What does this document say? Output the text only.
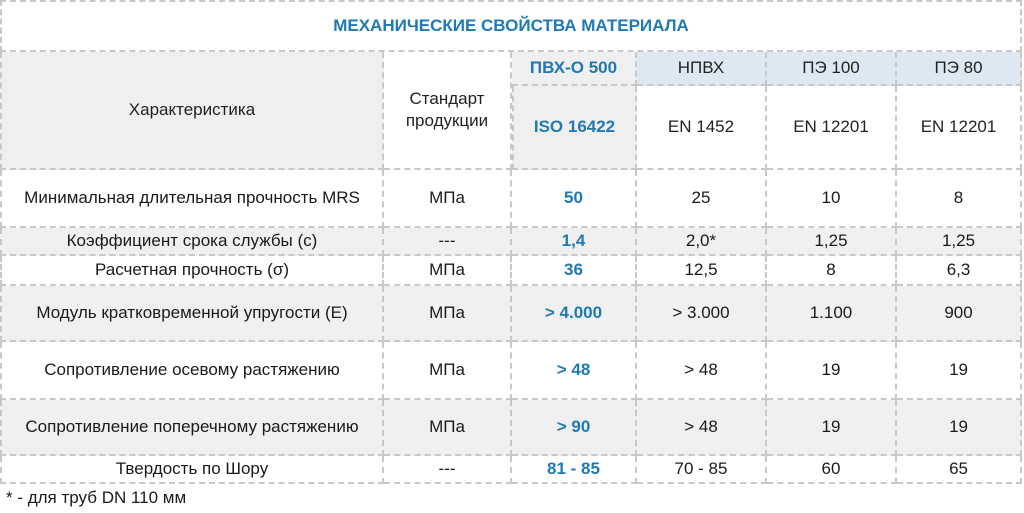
МЕХАНИЧЕСКИЕ СВОЙСТВА МАТЕРИАЛА					
Характеристика	Стандарт продукции	ПВХ-О 500	НПВХ	ПЭ 100	ПЭ 80
		ISO 16422	EN 1452	EN 12201	EN 12201
Минимальная длительная прочность MRS	МПа	50	25	10	8
Коэффициент срока службы (c)	---	1,4	2,0*	1,25	1,25
Расчетная прочность (σ)	МПа	36	12,5	8	6,3
Модуль кратковременной упругости (E)	МПа	> 4.000	> 3.000	1.100	900
Сопротивление осевому растяжению	МПа	> 48	> 48	19	19
Сопротивление поперечному растяжению	МПа	> 90	> 48	19	19
Твердость по Шору	---	81 - 85	70 - 85	60	65
* - для труб DN 110 мм
